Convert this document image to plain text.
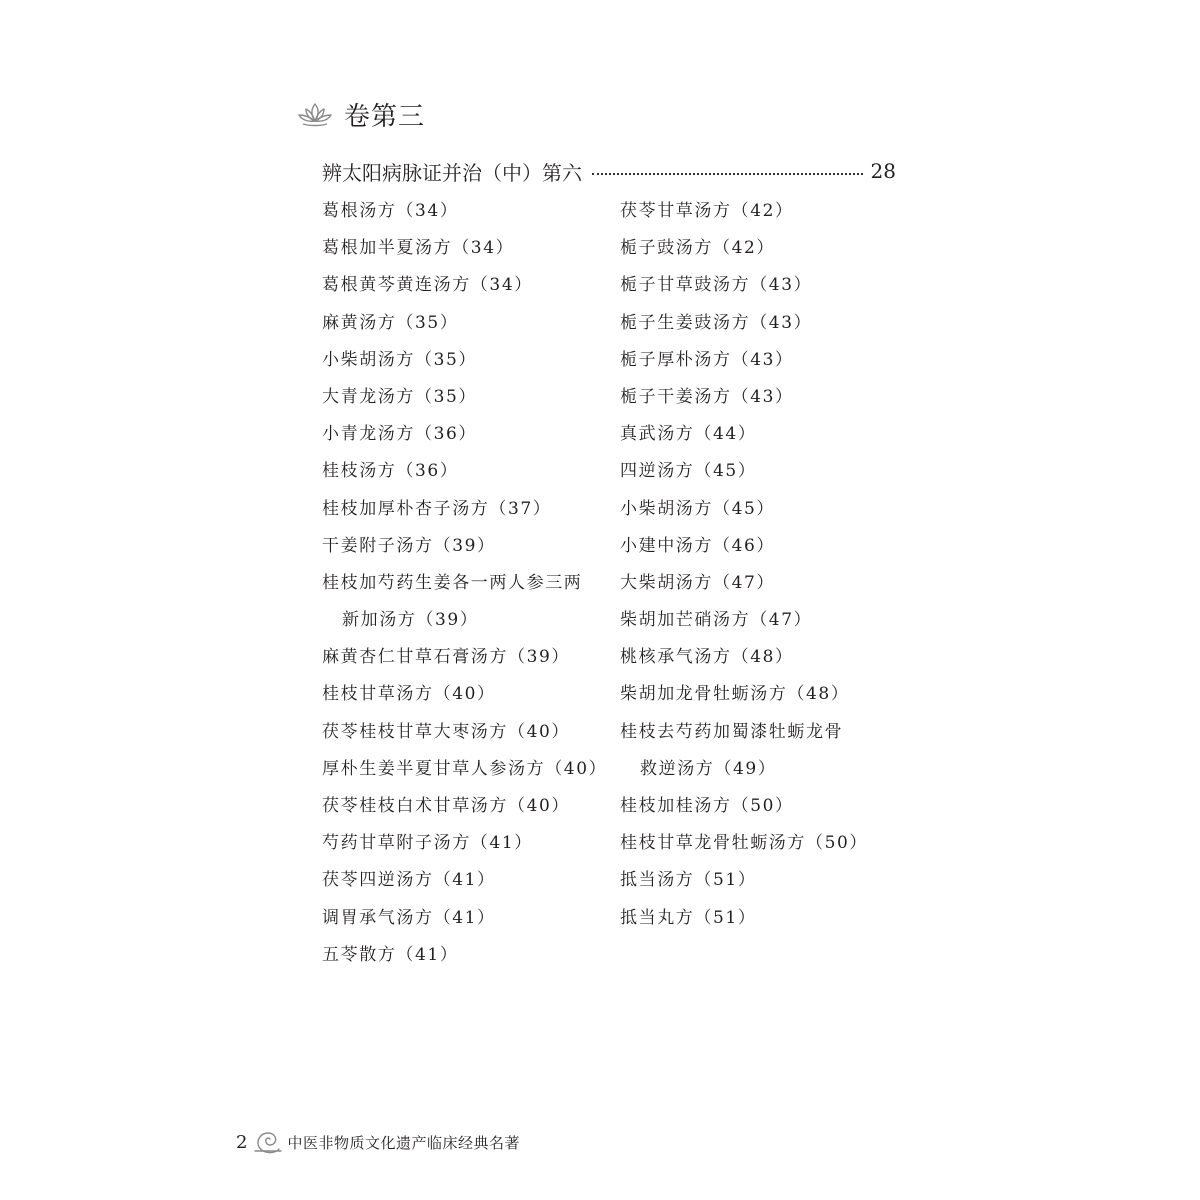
卷第三
辨太阳病脉证并治（中）第六	28
葛根汤方（34）
葛根加半夏汤方（34）
葛根黄芩黄连汤方（34）
麻黄汤方（35）
小柴胡汤方（35）
大青龙汤方（35）
小青龙汤方（36）
桂枝汤方（36）
桂枝加厚朴杏子汤方（37）
干姜附子汤方（39）
桂枝加芍药生姜各一两人参三两
新加汤方（39）
麻黄杏仁甘草石膏汤方（39）
桂枝甘草汤方（40）
茯苓桂枝甘草大枣汤方（40）
厚朴生姜半夏甘草人参汤方（40）
茯苓桂枝白术甘草汤方（40）
芍药甘草附子汤方（41）
茯苓四逆汤方（41）
调胃承气汤方（41）
五苓散方（41）
茯苓甘草汤方（42）
栀子豉汤方（42）
栀子甘草豉汤方（43）
栀子生姜豉汤方（43）
栀子厚朴汤方（43）
栀子干姜汤方（43）
真武汤方（44）
四逆汤方（45）
小柴胡汤方（45）
小建中汤方（46）
大柴胡汤方（47）
柴胡加芒硝汤方（47）
桃核承气汤方（48）
柴胡加龙骨牡蛎汤方（48）
桂枝去芍药加蜀漆牡蛎龙骨
救逆汤方（49）
桂枝加桂汤方（50）
桂枝甘草龙骨牡蛎汤方（50）
抵当汤方（51）
抵当丸方（51）
2	中医非物质文化遗产临床经典名著
